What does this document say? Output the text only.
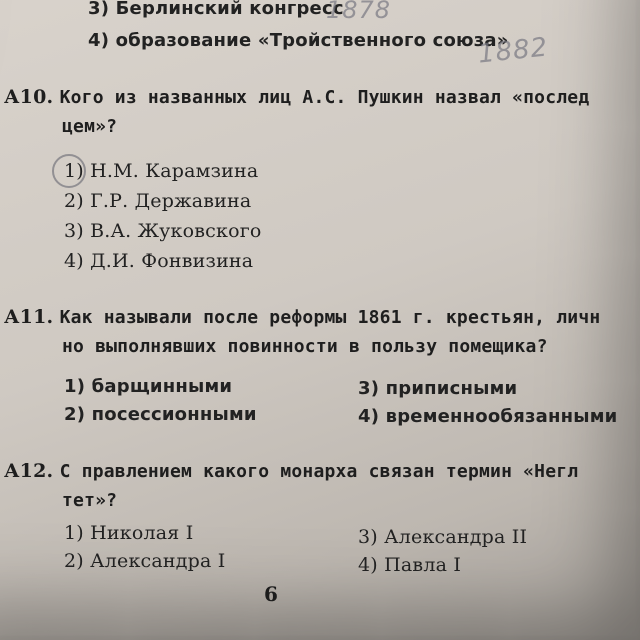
3) Берлинский конгресс
1878
4) образование «Тройственного союза»
1882
А10. Кого из названных лиц А.С. Пушкин назвал «послед
цем»?
1) Н.М. Карамзина
2) Г.Р. Державина
3) В.А. Жуковского
4) Д.И. Фонвизина
А11. Как называли после реформы 1861 г. крестьян, личн
но выполнявших повинности в пользу помещика?
1) барщинными
2) посессионными
3) приписными
4) временнообязанными
А12. С правлением какого монарха связан термин «Негл
тет»?
1) Николая I
2) Александра I
3) Александра II
4) Павла I
6
